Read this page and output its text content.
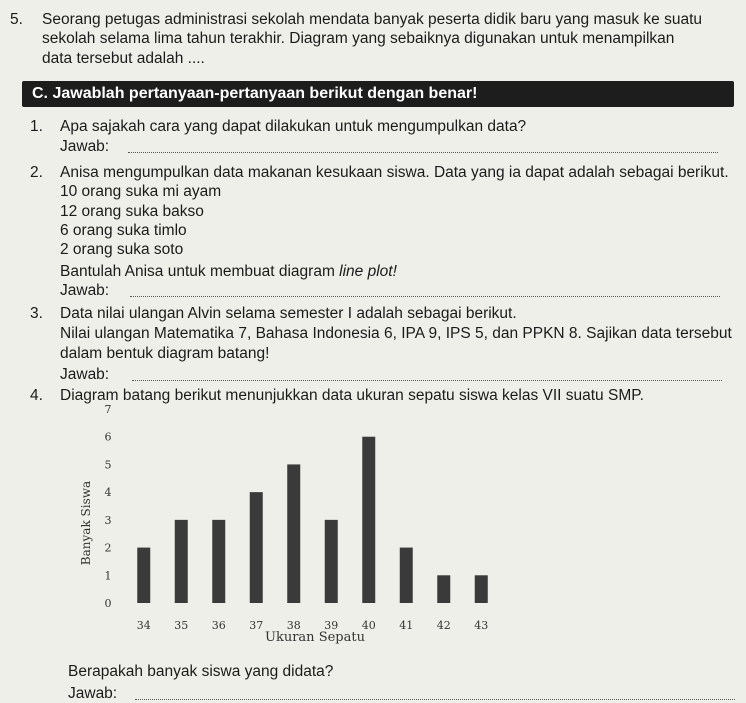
5. Seorang petugas administrasi sekolah mendata banyak peserta didik baru yang masuk ke suatu
sekolah selama lima tahun terakhir. Diagram yang sebaiknya digunakan untuk menampilkan
data tersebut adalah ....
C. Jawablah pertanyaan-pertanyaan berikut dengan benar!
1. Apa sajakah cara yang dapat dilakukan untuk mengumpulkan data?
Jawab:
2. Anisa mengumpulkan data makanan kesukaan siswa. Data yang ia dapat adalah sebagai berikut.
10 orang suka mi ayam
12 orang suka bakso
6 orang suka timlo
2 orang suka soto
Bantulah Anisa untuk membuat diagram line plot!
Jawab:
3. Data nilai ulangan Alvin selama semester I adalah sebagai berikut.
Nilai ulangan Matematika 7, Bahasa Indonesia 6, IPA 9, IPS 5, dan PPKN 8. Sajikan data tersebut
dalam bentuk diagram batang!
Jawab:
4. Diagram batang berikut menunjukkan data ukuran sepatu siswa kelas VII suatu SMP.
0
1
2
3
4
5
6
7
34 35 36 37 38 39 40 41 42 43
Ukuran Sepatu
Banyak Siswa
Berapakah banyak siswa yang didata?
Jawab:
